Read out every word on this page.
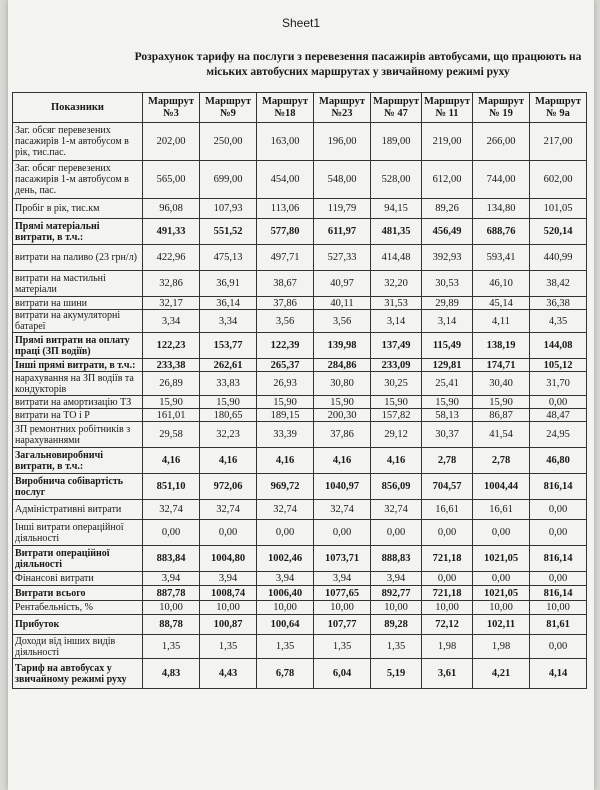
Sheet1
Розрахунок тарифу на послуги з перевезення пасажирів автобусами, що працюють на міських автобусних маршрутах у звичайному режимі руху
Показники	Маршрут №3	Маршрут №9	Маршрут №18	Маршрут №23	Маршрут № 47	Маршрут № 11	Маршрут № 19	Маршрут № 9а
Заг. обсяг перевезених пасажирів 1-м автобусом в рік, тис.пас.	202,00	250,00	163,00	196,00	189,00	219,00	266,00	217,00
Заг. обсяг перевезених пасажирів 1-м автобусом в день, пас.	565,00	699,00	454,00	548,00	528,00	612,00	744,00	602,00
Пробіг в рік, тис.км	96,08	107,93	113,06	119,79	94,15	89,26	134,80	101,05
Прямі матеріальні витрати, в т.ч.:	491,33	551,52	577,80	611,97	481,35	456,49	688,76	520,14
витрати на паливо (23 грн/л)	422,96	475,13	497,71	527,33	414,48	392,93	593,41	440,99
витрати на мастильні матеріали	32,86	36,91	38,67	40,97	32,20	30,53	46,10	38,42
витрати на шини	32,17	36,14	37,86	40,11	31,53	29,89	45,14	36,38
витрати на акумуляторні батареї	3,34	3,34	3,56	3,56	3,14	3,14	4,11	4,35
Прямі витрати на оплату праці (ЗП водіїв)	122,23	153,77	122,39	139,98	137,49	115,49	138,19	144,08
Інші прямі витрати, в т.ч.:	233,38	262,61	265,37	284,86	233,09	129,81	174,71	105,12
нарахування на ЗП водіїв та кондукторів	26,89	33,83	26,93	30,80	30,25	25,41	30,40	31,70
витрати на амортизацію ТЗ	15,90	15,90	15,90	15,90	15,90	15,90	15,90	0,00
витрати на ТО і Р	161,01	180,65	189,15	200,30	157,82	58,13	86,87	48,47
ЗП ремонтних робітників з нарахуваннями	29,58	32,23	33,39	37,86	29,12	30,37	41,54	24,95
Загальновиробничі витрати, в т.ч.:	4,16	4,16	4,16	4,16	4,16	2,78	2,78	46,80
Виробнича собівартість послуг	851,10	972,06	969,72	1040,97	856,09	704,57	1004,44	816,14
Адміністративні витрати	32,74	32,74	32,74	32,74	32,74	16,61	16,61	0,00
Інші витрати операційної діяльності	0,00	0,00	0,00	0,00	0,00	0,00	0,00	0,00
Витрати операційної діяльності	883,84	1004,80	1002,46	1073,71	888,83	721,18	1021,05	816,14
Фінансові витрати	3,94	3,94	3,94	3,94	3,94	0,00	0,00	0,00
Витрати всього	887,78	1008,74	1006,40	1077,65	892,77	721,18	1021,05	816,14
Рентабельність, %	10,00	10,00	10,00	10,00	10,00	10,00	10,00	10,00
Прибуток	88,78	100,87	100,64	107,77	89,28	72,12	102,11	81,61
Доходи від інших видів діяльності	1,35	1,35	1,35	1,35	1,35	1,98	1,98	0,00
Тариф на автобусах у звичайному режимі руху	4,83	4,43	6,78	6,04	5,19	3,61	4,21	4,14
